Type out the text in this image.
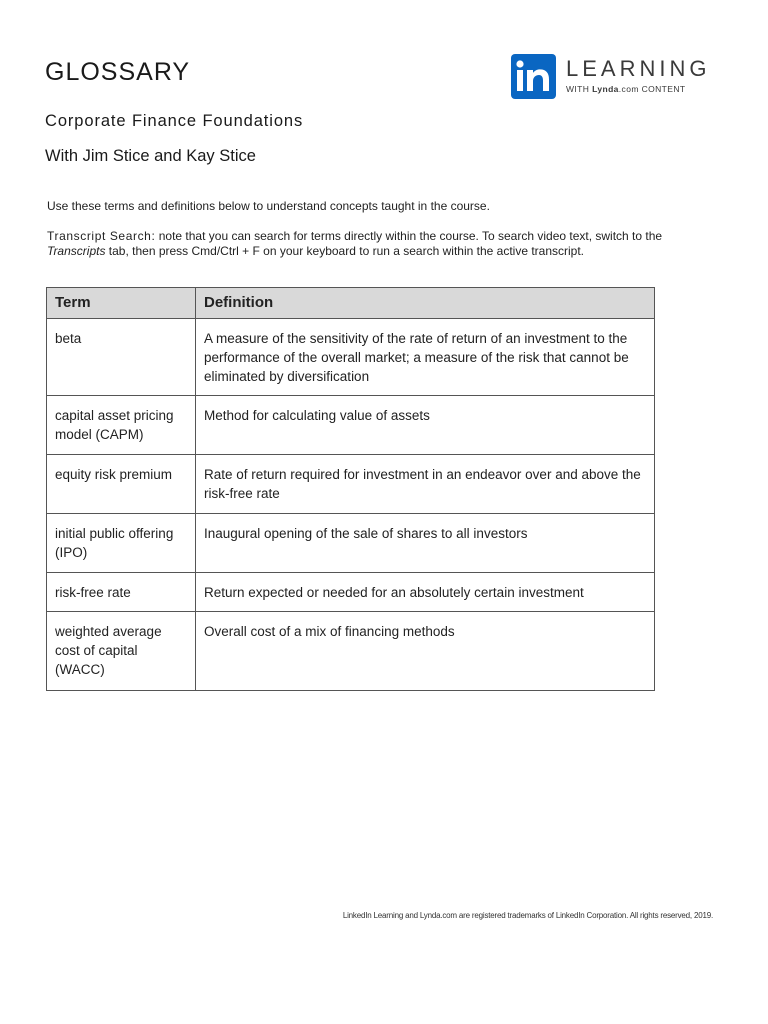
GLOSSARY
Corporate Finance Foundations
With Jim Stice and Kay Stice
LEARNING
WITH Lynda.com CONTENT
Use these terms and definitions below to understand concepts taught in the course.
Transcript Search: note that you can search for terms directly within the course. To search video text, switch to the Transcripts tab, then press Cmd/Ctrl + F on your keyboard to run a search within the active transcript.
Term	Definition
beta	A measure of the sensitivity of the rate of return of an investment to the performance of the overall market; a measure of the risk that cannot be eliminated by diversification
capital asset pricing model (CAPM)	Method for calculating value of assets
equity risk premium	Rate of return required for investment in an endeavor over and above the risk-free rate
initial public offering (IPO)	Inaugural opening of the sale of shares to all investors
risk-free rate	Return expected or needed for an absolutely certain investment
weighted average cost of capital (WACC)	Overall cost of a mix of financing methods
LinkedIn Learning and Lynda.com are registered trademarks of LinkedIn Corporation. All rights reserved, 2019.
